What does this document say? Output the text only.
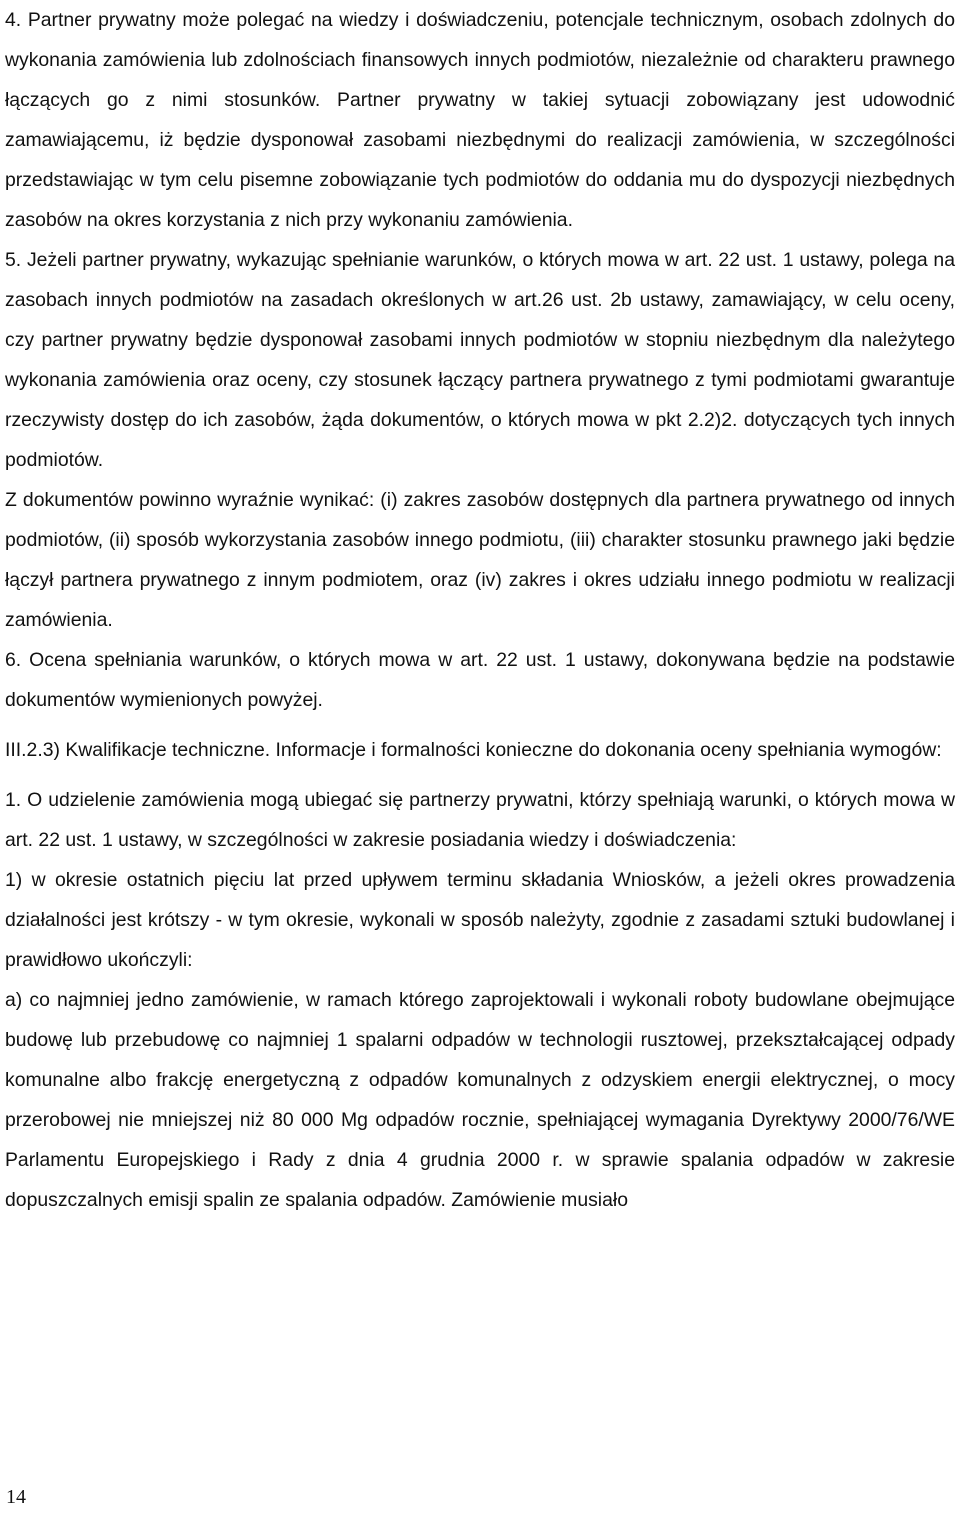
4. Partner prywatny może polegać na wiedzy i doświadczeniu, potencjale technicznym, osobach zdolnych do wykonania zamówienia lub zdolnościach finansowych innych podmiotów, niezależnie od charakteru prawnego łączących go z nimi stosunków. Partner prywatny w takiej sytuacji zobowiązany jest udowodnić zamawiającemu, iż będzie dysponował zasobami niezbędnymi do realizacji zamówienia, w szczególności przedstawiając w tym celu pisemne zobowiązanie tych podmiotów do oddania mu do dyspozycji niezbędnych zasobów na okres korzystania z nich przy wykonaniu zamówienia.

5. Jeżeli partner prywatny, wykazując spełnianie warunków, o których mowa w art. 22 ust. 1 ustawy, polega na zasobach innych podmiotów na zasadach określonych w art.26 ust. 2b ustawy, zamawiający, w celu oceny, czy partner prywatny będzie dysponował zasobami innych podmiotów w stopniu niezbędnym dla należytego wykonania zamówienia oraz oceny, czy stosunek łączący partnera prywatnego z tymi podmiotami gwarantuje rzeczywisty dostęp do ich zasobów, żąda dokumentów, o których mowa w pkt 2.2)2. dotyczących tych innych podmiotów.

Z dokumentów powinno wyraźnie wynikać: (i) zakres zasobów dostępnych dla partnera prywatnego od innych podmiotów, (ii) sposób wykorzystania zasobów innego podmiotu, (iii) charakter stosunku prawnego jaki będzie łączył partnera prywatnego z innym podmiotem, oraz (iv) zakres i okres udziału innego podmiotu w realizacji zamówienia.

6. Ocena spełniania warunków, o których mowa w art. 22 ust. 1 ustawy, dokonywana będzie na podstawie dokumentów wymienionych powyżej.

III.2.3) Kwalifikacje techniczne. Informacje i formalności konieczne do dokonania oceny spełniania wymogów:

1. O udzielenie zamówienia mogą ubiegać się partnerzy prywatni, którzy spełniają warunki, o których mowa w art. 22 ust. 1 ustawy, w szczególności w zakresie posiadania wiedzy i doświadczenia:

1) w okresie ostatnich pięciu lat przed upływem terminu składania Wniosków, a jeżeli okres prowadzenia działalności jest krótszy - w tym okresie, wykonali w sposób należyty, zgodnie z zasadami sztuki budowlanej i prawidłowo ukończyli:

a) co najmniej jedno zamówienie, w ramach którego zaprojektowali i wykonali roboty budowlane obejmujące budowę lub przebudowę co najmniej 1 spalarni odpadów w technologii rusztowej, przekształcającej odpady komunalne albo frakcję energetyczną z odpadów komunalnych z odzyskiem energii elektrycznej, o mocy przerobowej nie mniejszej niż 80 000 Mg odpadów rocznie, spełniającej wymagania Dyrektywy 2000/76/WE Parlamentu Europejskiego i Rady z dnia 4 grudnia 2000 r. w sprawie spalania odpadów w zakresie dopuszczalnych emisji spalin ze spalania odpadów. Zamówienie musiało

14
